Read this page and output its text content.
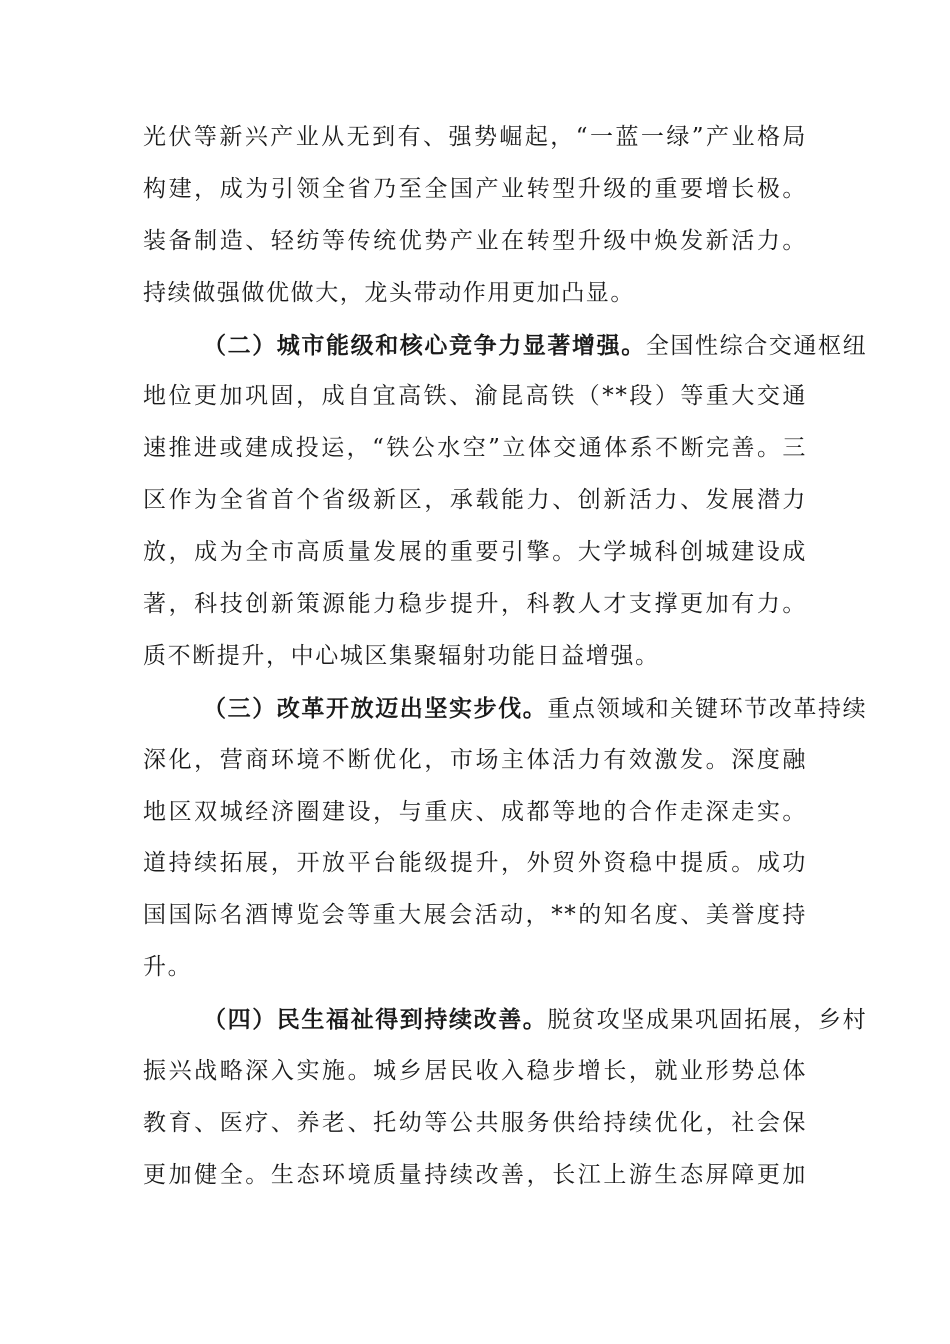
光伏等新兴产业从无到有、强势崛起，“一蓝一绿”产业格局
构建，成为引领全省乃至全国产业转型升级的重要增长极。
装备制造、轻纺等传统优势产业在转型升级中焕发新活力。
持续做强做优做大，龙头带动作用更加凸显。
（二）城市能级和核心竞争力显著增强。全国性综合交通枢纽
地位更加巩固，成自宜高铁、渝昆高铁（**段）等重大交通
速推进或建成投运，“铁公水空”立体交通体系不断完善。三
区作为全省首个省级新区，承载能力、创新活力、发展潜力
放，成为全市高质量发展的重要引擎。大学城科创城建设成
著，科技创新策源能力稳步提升，科教人才支撑更加有力。
质不断提升，中心城区集聚辐射功能日益增强。
（三）改革开放迈出坚实步伐。重点领域和关键环节改革持续
深化，营商环境不断优化，市场主体活力有效激发。深度融
地区双城经济圈建设，与重庆、成都等地的合作走深走实。
道持续拓展，开放平台能级提升，外贸外资稳中提质。成功
国国际名酒博览会等重大展会活动，**的知名度、美誉度持
升。
（四）民生福祉得到持续改善。脱贫攻坚成果巩固拓展，乡村
振兴战略深入实施。城乡居民收入稳步增长，就业形势总体
教育、医疗、养老、托幼等公共服务供给持续优化，社会保
更加健全。生态环境质量持续改善，长江上游生态屏障更加
